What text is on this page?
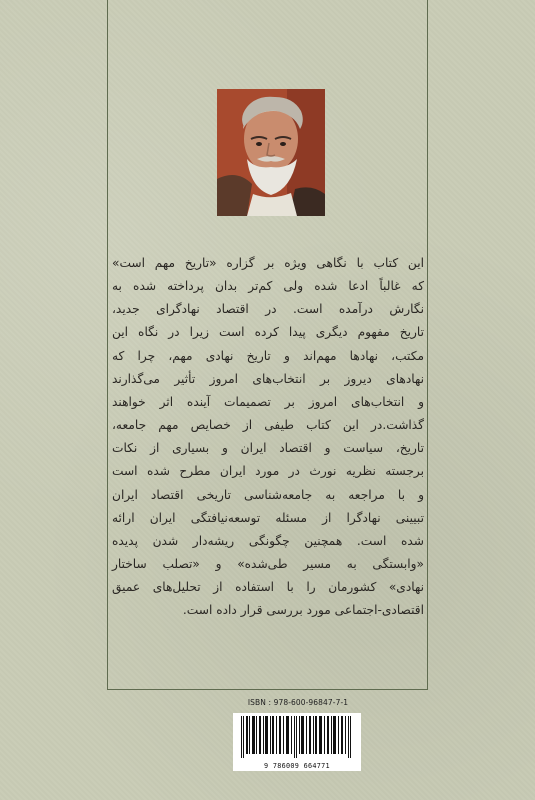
این کتاب با نگاهی ویژه بر گزاره «تاریخ مهم است»
که غالباً ادعا شده ولی کم‌تر بدان پرداخته شده به
نگارش درآمده است. در اقتصاد نهادگرای جدید،
تاریخ مفهوم دیگری پیدا کرده است زیرا در نگاه این
مکتب، نهادها مهم‌اند و تاریخ نهادی مهم، چرا که
نهادهای دیروز بر انتخاب‌های امروز تأثیر می‌گذارند
و انتخاب‌های امروز بر تصمیمات آینده اثر خواهند
گذاشت.در این کتاب طیفی از خصایص مهم جامعه،
تاریخ، سیاست و اقتصاد ایران و بسیاری از نکات
برجسته نظریه نورث در مورد ایران مطرح شده است
و با مراجعه به جامعه‌شناسی تاریخی اقتصاد ایران
تبیینی نهادگرا از مسئله توسعه‌نیافتگی ایران ارائه
شده است. همچنین چگونگی ریشه‌دار شدن پدیده
«وابستگی به مسیر طی‌شده» و «تصلب ساختار
نهادی» کشورمان را با استفاده از تحلیل‌های عمیق
اقتصادی-اجتماعی مورد بررسی قرار داده است.
ISBN : 978-600-96847-7-1
9 786009 664771
